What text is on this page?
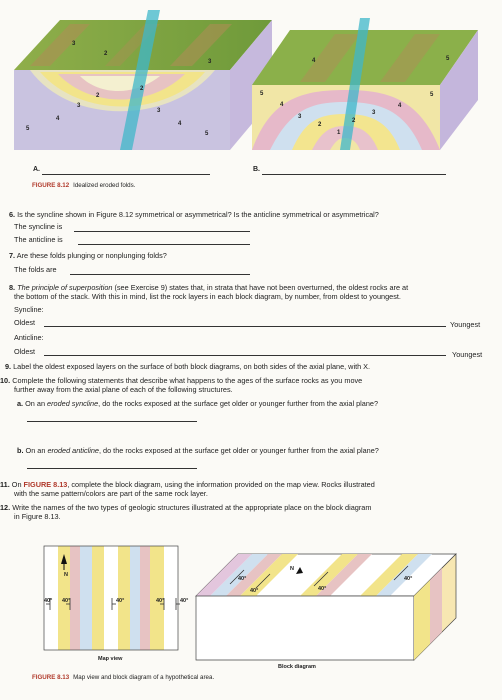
3
2
2
3
3
2
3
4
4
5
5
5
4
4
5
3
2
2
3
1
4
5
A.	B.
FIGURE 8.12 Idealized eroded folds.
6. Is the syncline shown in Figure 8.12 symmetrical or asymmetrical? Is the anticline symmetrical or asymmetrical?
The syncline is
The anticline is
7. Are these folds plunging or nonplunging folds?
The folds are
8. The principle of superposition (see Exercise 9) states that, in strata that have not been overturned, the oldest rocks are at
the bottom of the stack. With this in mind, list the rock layers in each block diagram, by number, from oldest to youngest.
Syncline:
Oldest	Youngest
Anticline:
Oldest	Youngest
9. Label the oldest exposed layers on the surface of both block diagrams, on both sides of the axial plane, with X.
10. Complete the following statements that describe what happens to the ages of the surface rocks as you move
further away from the axial plane of each of the following structures.
a. On an eroded syncline, do the rocks exposed at the surface get older or younger further from the axial plane?
b. On an eroded anticline, do the rocks exposed at the surface get older or younger further from the axial plane?
11. On FIGURE 8.13, complete the block diagram, using the information provided on the map view. Rocks illustrated
with the same pattern/colors are part of the same rock layer.
12. Write the names of the two types of geologic structures illustrated at the appropriate place on the block diagram
in Figure 8.13.
N
40° 40°	40°	40°	40°
Map view
N
40°
40°	40°
40°
Block diagram
FIGURE 8.13 Map view and block diagram of a hypothetical area.
